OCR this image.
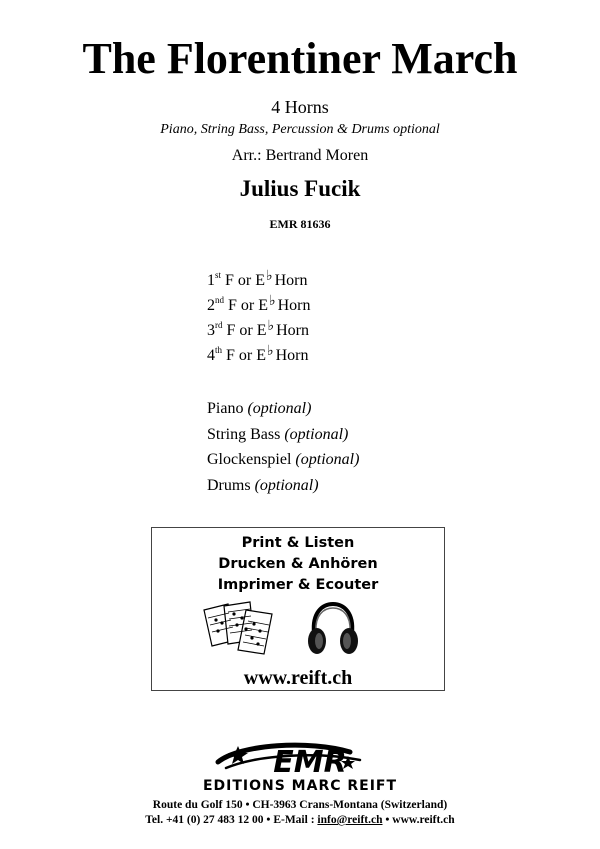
The Florentiner March
4 Horns
Piano, String Bass, Percussion & Drums optional
Arr.: Bertrand Moren
Julius Fucik
EMR 81636
1st F or E♭ Horn
2nd F or E♭ Horn
3rd F or E♭ Horn
4th F or E♭ Horn
Piano (optional)
String Bass (optional)
Glockenspiel (optional)
Drums (optional)
Print & Listen
Drucken & Anhören
Imprimer & Ecouter
www.reift.ch
EMR
EDITIONS MARC REIFT
Route du Golf 150 • CH-3963 Crans-Montana (Switzerland)
Tel. +41 (0) 27 483 12 00 • E-Mail : info@reift.ch • www.reift.ch
